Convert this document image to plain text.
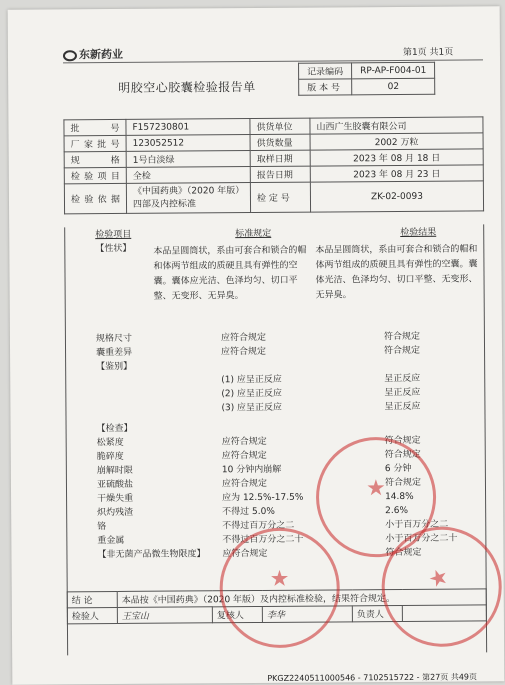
东新药业	第1页 共1页
明胶空心胶囊检验报告单
记录编码	RP-AP-F004-01
版 本 号	02
批 号	F157230801	供货单位	山西广生胶囊有限公司
厂家批号	123052512	供货数量	2002 万粒
规 格	1号白淡绿	取样日期	2023 年 08 月 18 日
检验项目	全检	报告日期	2023 年 08 月 23 日
检验依据	《中国药典》（2020 年版）四部及内控标准	检 定 号	ZK-02-0093
检验项目	标准规定	检验结果
【性状】 本品呈圆筒状，系由可套合和锁合的帽和体两节组成的质硬且具有弹性的空囊。囊体应光洁、色泽均匀、切口平整、无变形、无异臭。
本品呈圆筒状，系由可套合和锁合的帽和体两节组成的质硬且具有弹性的空囊。囊体光洁、色泽均匀、切口平整、无变形、无异臭。
规格尺寸	应符合规定	符合规定
囊重差异	应符合规定	符合规定
【鉴别】
(1) 应呈正反应	呈正反应
(2) 应呈正反应	呈正反应
(3) 应呈正反应	呈正反应
【检查】
松紧度	应符合规定	符合规定
脆碎度	应符合规定	符合规定
崩解时限	10 分钟内崩解	6 分钟
亚硫酸盐	应符合规定	符合规定
干燥失重	应为 12.5%-17.5%	14.8%
炽灼残渣	不得过 5.0%	2.6%
铬	不得过百万分之二	小于百万分之二
重金属	不得过百万分之二十	小于百万分之二十
【非无菌产品微生物限度】 应符合规定	符合规定
结 论	本品按《中国药典》（2020 年版）及内控标准检验，结果符合规定。				
检验人	王宝山	复核人	李华	负责人	
★
★	★
PKGZ2240511000546 - 7102515722 - 第27页 共49页
